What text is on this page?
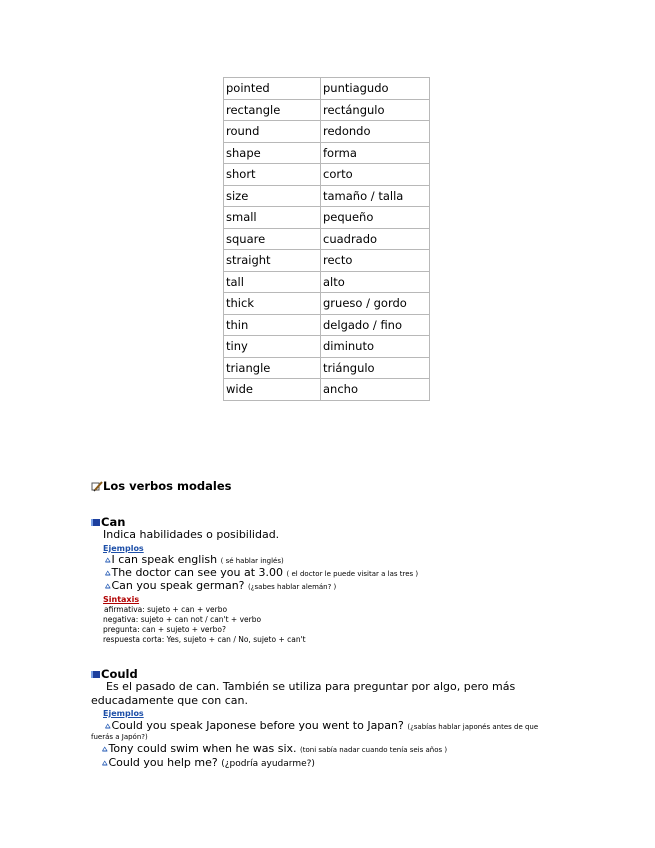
pointed	puntiagudo
rectangle	rectángulo
round	redondo
shape	forma
short	corto
size	tamaño / talla
small	pequeño
square	cuadrado
straight	recto
tall	alto
thick	grueso / gordo
thin	delgado / fino
tiny	diminuto
triangle	triángulo
wide	ancho
Los verbos modales
Can
Indica habilidades o posibilidad.
Ejemplos
⩠ I can speak english
( sé hablar inglés)
⩠ The doctor can see you at 3.00
( el doctor le puede visitar a las tres )
⩠ Can you speak german?
(¿sabes hablar alemán? )
Sintaxis
afirmativa: sujeto + can + verbo
negativa: sujeto + can not / can't + verbo
pregunta: can + sujeto + verbo?
respuesta corta: Yes, sujeto + can / No, sujeto + can't
Could
Es el pasado de can. También se utiliza para preguntar por algo, pero más
educadamente que con can.
Ejemplos
⩠ Could you speak Japonese before you went to Japan?
(¿sabías hablar japonés antes de que
fuerás a Japón?)
⩠ Tony could swim when he was six.
(toni sabía nadar cuando tenía seis años )
⩠ Could you help me?
(¿podría ayudarme?)
